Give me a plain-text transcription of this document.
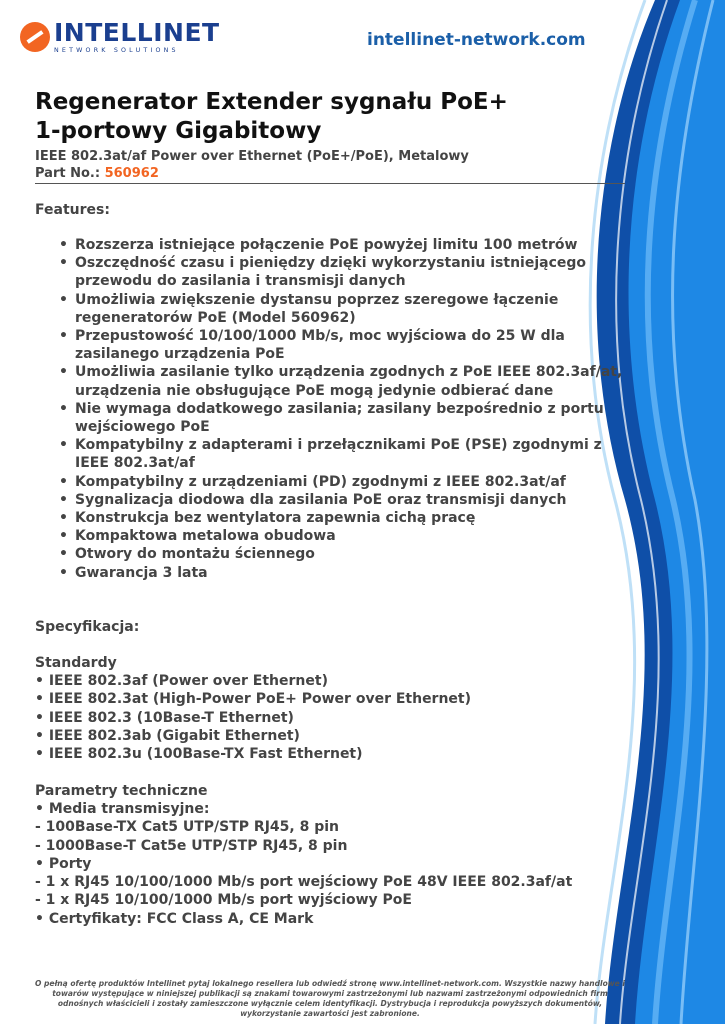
INTELLINET
NETWORK SOLUTIONS
intellinet-network.com
Regenerator Extender sygnału PoE+
1-portowy Gigabitowy
IEEE 802.3at/af Power over Ethernet (PoE+/PoE), Metalowy
Part No.: 560962
Features:
• Rozszerza istniejące połączenie PoE powyżej limitu 100 metrów
• Oszczędność czasu i pieniędzy dzięki wykorzystaniu istniejącego przewodu do zasilania i transmisji danych
• Umożliwia zwiększenie dystansu poprzez szeregowe łączenie regeneratorów PoE (Model 560962)
• Przepustowość 10/100/1000 Mb/s, moc wyjściowa do 25 W dla zasilanego urządzenia PoE
• Umożliwia zasilanie tylko urządzenia zgodnych z PoE IEEE 802.3af/at, urządzenia nie obsługujące PoE mogą jedynie odbierać dane
• Nie wymaga dodatkowego zasilania; zasilany bezpośrednio z portu wejściowego PoE
• Kompatybilny z adapterami i przełącznikami PoE (PSE) zgodnymi z IEEE 802.3at/af
• Kompatybilny z urządzeniami (PD) zgodnymi z IEEE 802.3at/af
• Sygnalizacja diodowa dla zasilania PoE oraz transmisji danych
• Konstrukcja bez wentylatora zapewnia cichą pracę
• Kompaktowa metalowa obudowa
• Otwory do montażu ściennego
• Gwarancja 3 lata
Specyfikacja:
Standardy
• IEEE 802.3af (Power over Ethernet)
• IEEE 802.3at (High-Power PoE+ Power over Ethernet)
• IEEE 802.3 (10Base-T Ethernet)
• IEEE 802.3ab (Gigabit Ethernet)
• IEEE 802.3u (100Base-TX Fast Ethernet)
Parametry techniczne
• Media transmisyjne:
- 100Base-TX Cat5 UTP/STP RJ45, 8 pin
- 1000Base-T Cat5e UTP/STP RJ45, 8 pin
• Porty
- 1 x RJ45 10/100/1000 Mb/s port wejściowy PoE 48V IEEE 802.3af/at
- 1 x RJ45 10/100/1000 Mb/s port wyjściowy PoE
• Certyfikaty: FCC Class A, CE Mark
O pełną ofertę produktów Intellinet pytaj lokalnego resellera lub odwiedź stronę www.intellinet-network.com. Wszystkie nazwy handlowe i towarów występujące w niniejszej publikacji są znakami towarowymi zastrzeżonymi lub nazwami zastrzeżonymi odpowiednich firm odnośnych właścicieli i zostały zamieszczone wyłącznie celem identyfikacji. Dystrybucja i reprodukcja powyższych dokumentów, wykorzystanie zawartości jest zabronione.
